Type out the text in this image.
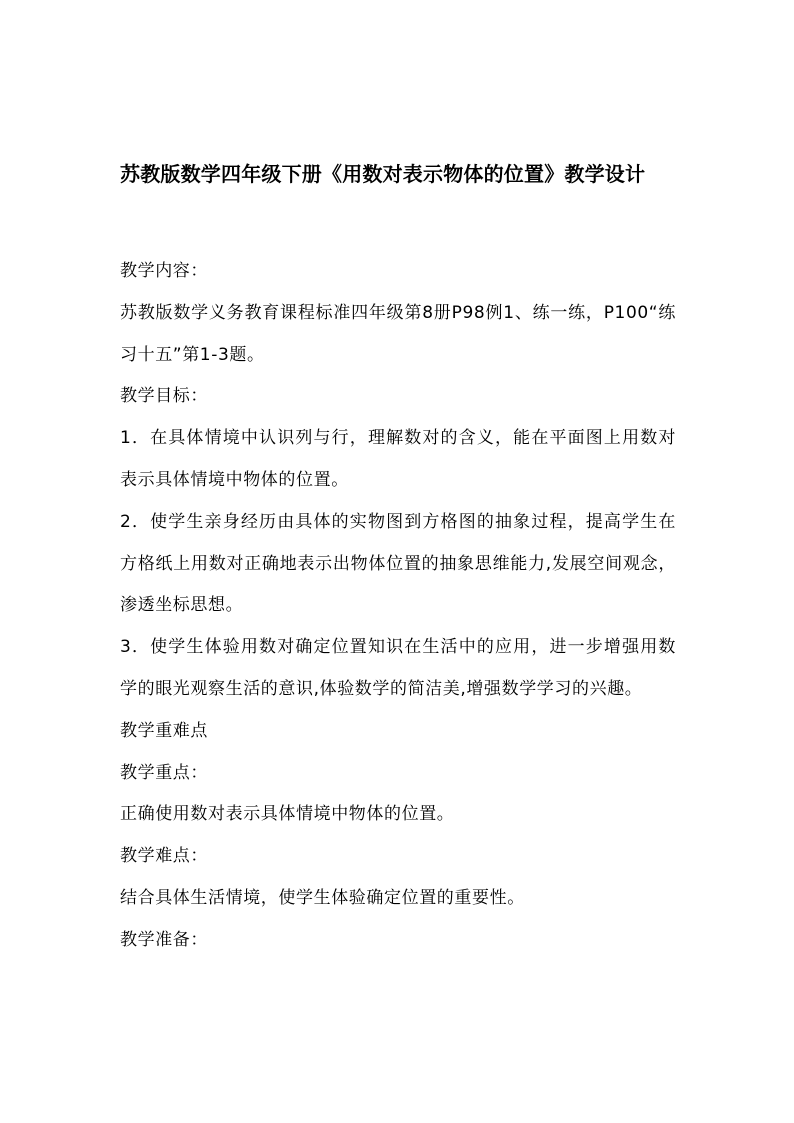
苏教版数学四年级下册《用数对表示物体的位置》教学设计

教学内容：

苏教版数学义务教育课程标准四年级第8册P98例1、练一练，P100“练习十五”第1-3题。

教学目标：

1．在具体情境中认识列与行，理解数对的含义，能在平面图上用数对表示具体情境中物体的位置。

2．使学生亲身经历由具体的实物图到方格图的抽象过程，提高学生在方格纸上用数对正确地表示出物体位置的抽象思维能力,发展空间观念，渗透坐标思想。

3．使学生体验用数对确定位置知识在生活中的应用，进一步增强用数学的眼光观察生活的意识,体验数学的简洁美,增强数学学习的兴趣。

教学重难点

教学重点：

正确使用数对表示具体情境中物体的位置。

教学难点：

结合具体生活情境，使学生体验确定位置的重要性。

教学准备：
